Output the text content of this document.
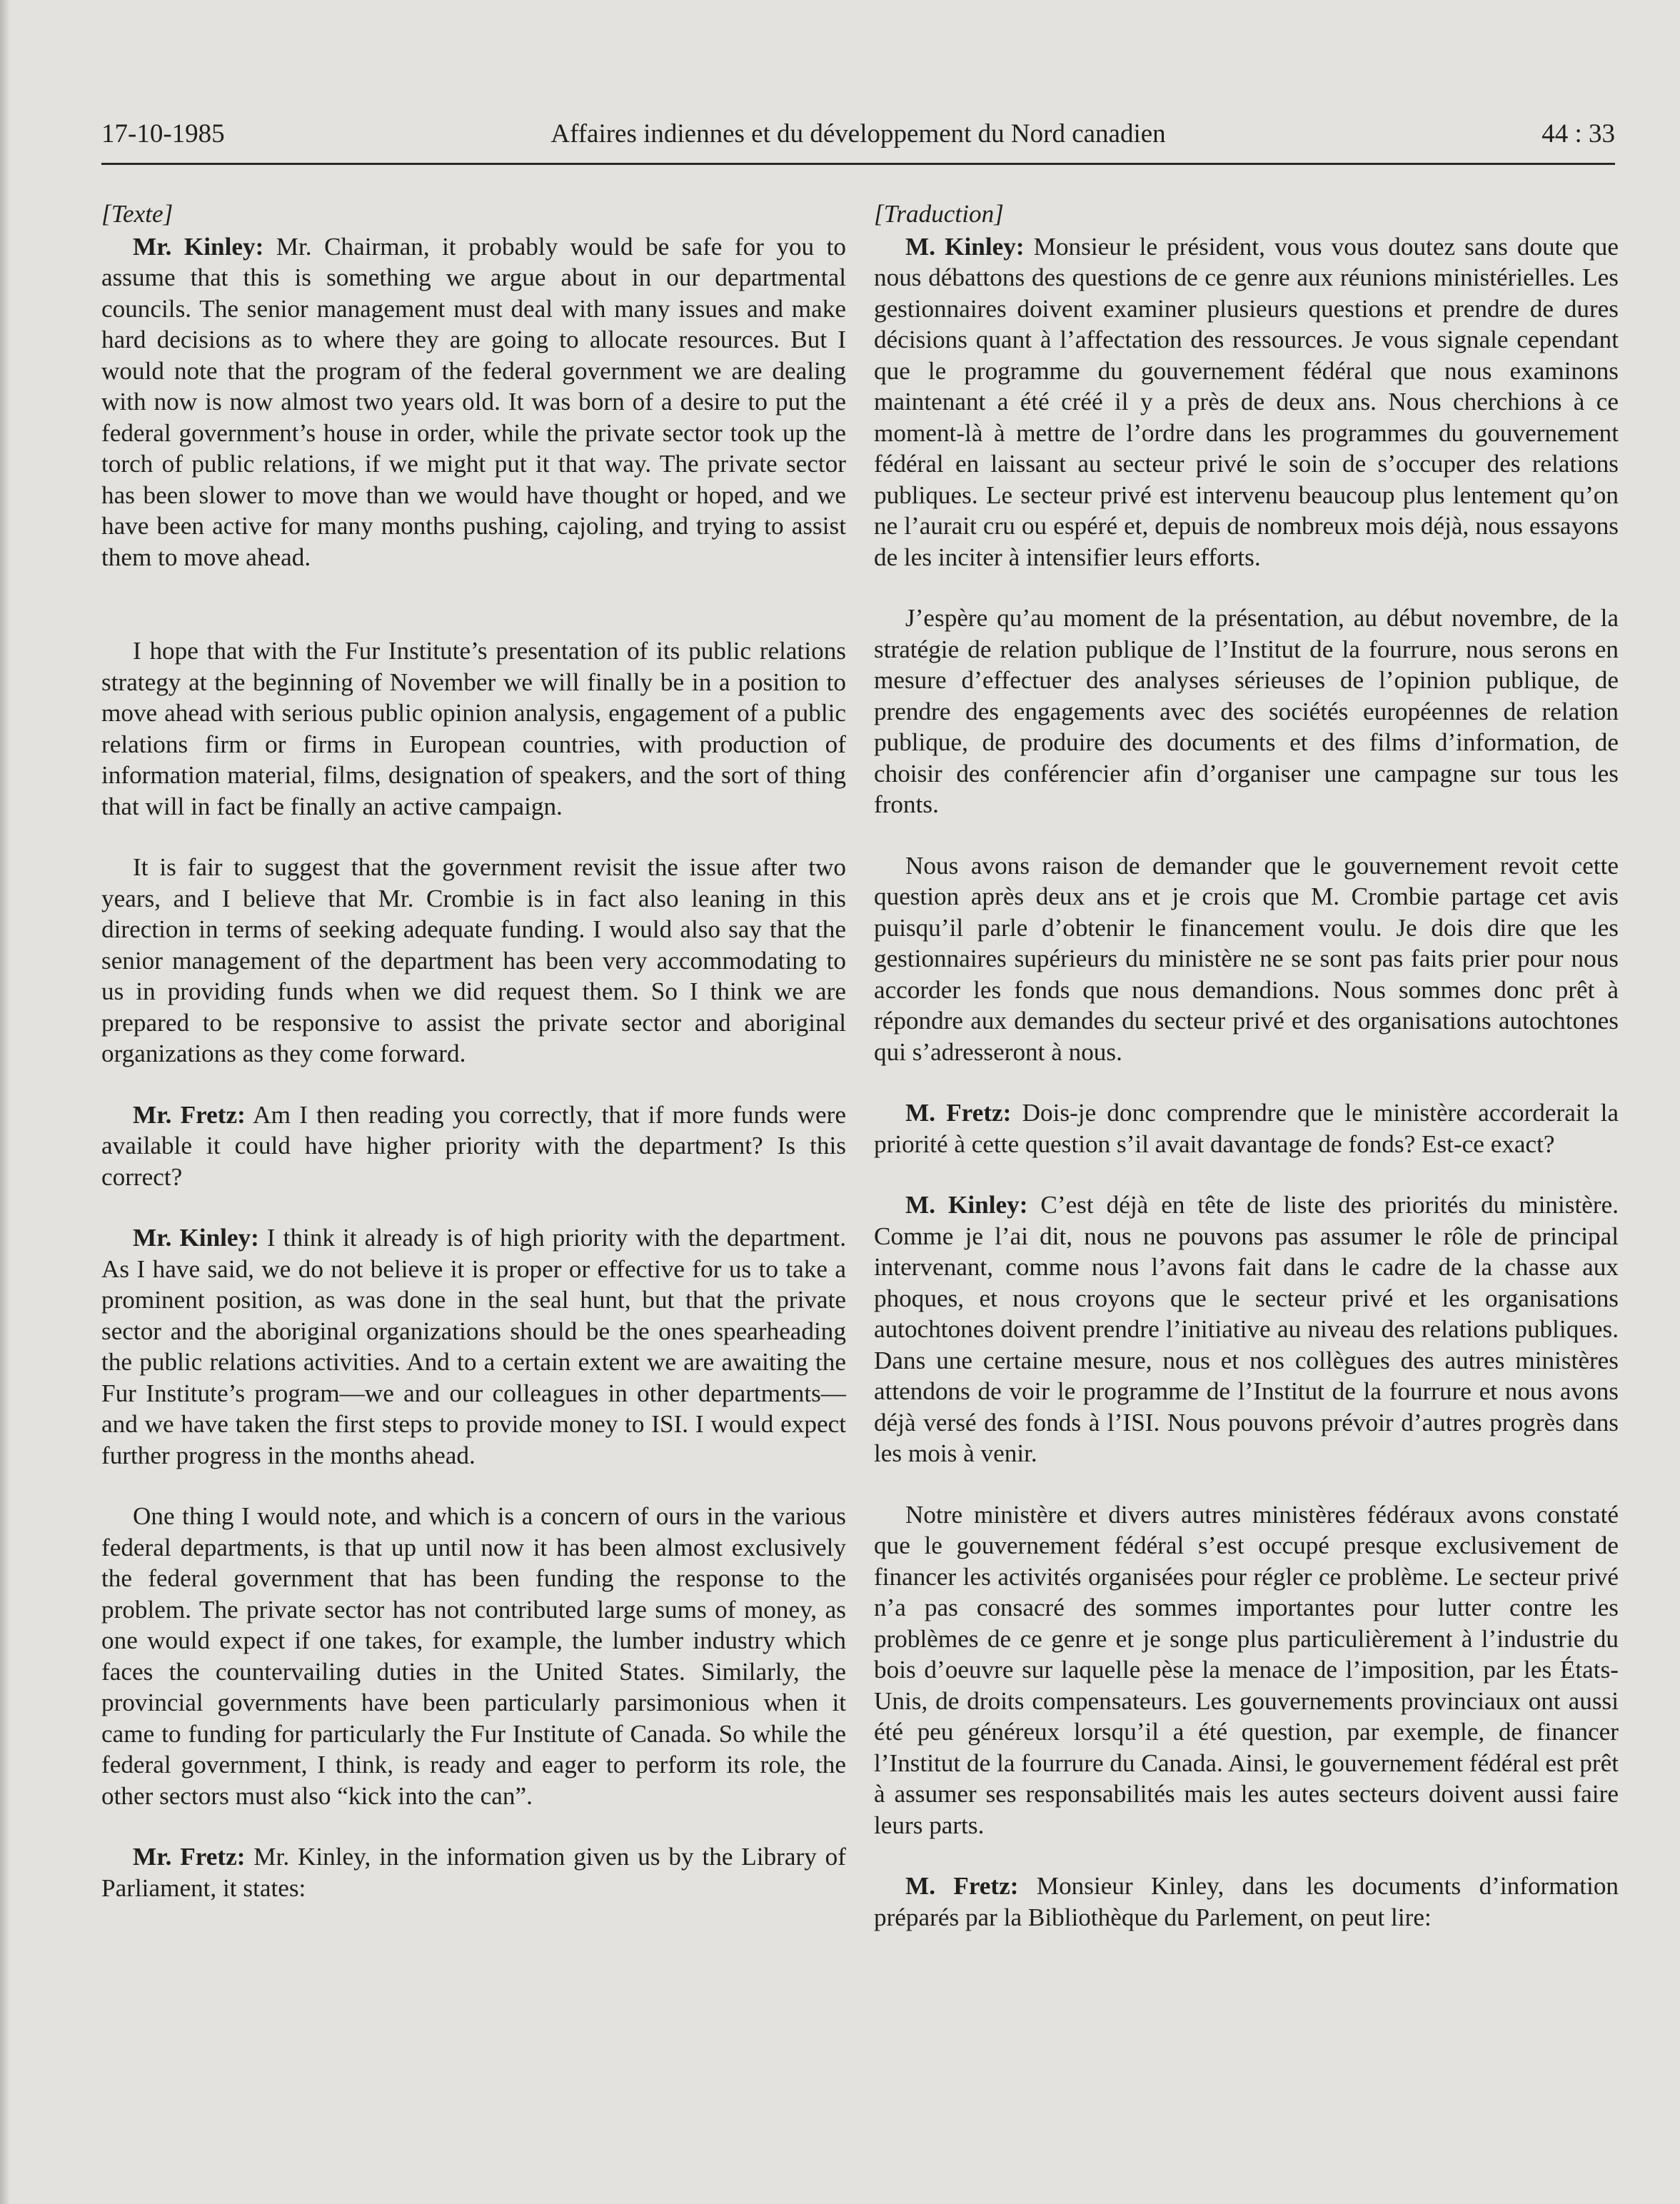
17-10-1985	Affaires indiennes et du développement du Nord canadien	44 : 33
[Texte]

Mr. Kinley: Mr. Chairman, it probably would be safe for you to assume that this is something we argue about in our departmental councils. The senior management must deal with many issues and make hard decisions as to where they are going to allocate resources. But I would note that the program of the federal government we are dealing with now is now almost two years old. It was born of a desire to put the federal government’s house in order, while the private sector took up the torch of public relations, if we might put it that way. The private sector has been slower to move than we would have thought or hoped, and we have been active for many months pushing, cajoling, and trying to assist them to move ahead.

I hope that with the Fur Institute’s presentation of its public relations strategy at the beginning of November we will finally be in a position to move ahead with serious public opinion analysis, engagement of a public relations firm or firms in European countries, with production of information material, films, designation of speakers, and the sort of thing that will in fact be finally an active campaign.

It is fair to suggest that the government revisit the issue after two years, and I believe that Mr. Crombie is in fact also leaning in this direction in terms of seeking adequate funding. I would also say that the senior management of the department has been very accommodating to us in providing funds when we did request them. So I think we are prepared to be responsive to assist the private sector and aboriginal organizations as they come forward.

Mr. Fretz: Am I then reading you correctly, that if more funds were available it could have higher priority with the department? Is this correct?

Mr. Kinley: I think it already is of high priority with the department. As I have said, we do not believe it is proper or effective for us to take a prominent position, as was done in the seal hunt, but that the private sector and the aboriginal organizations should be the ones spearheading the public relations activities. And to a certain extent we are awaiting the Fur Institute’s program—we and our colleagues in other departments—and we have taken the first steps to provide money to ISI. I would expect further progress in the months ahead.

One thing I would note, and which is a concern of ours in the various federal departments, is that up until now it has been almost exclusively the federal government that has been funding the response to the problem. The private sector has not contributed large sums of money, as one would expect if one takes, for example, the lumber industry which faces the countervailing duties in the United States. Similarly, the provincial governments have been particularly parsimonious when it came to funding for particularly the Fur Institute of Canada. So while the federal government, I think, is ready and eager to perform its role, the other sectors must also “kick into the can”.

Mr. Fretz: Mr. Kinley, in the information given us by the Library of Parliament, it states:

[Traduction]

M. Kinley: Monsieur le président, vous vous doutez sans doute que nous débattons des questions de ce genre aux réunions ministérielles. Les gestionnaires doivent examiner plusieurs questions et prendre de dures décisions quant à l’affectation des ressources. Je vous signale cependant que le programme du gouvernement fédéral que nous examinons maintenant a été créé il y a près de deux ans. Nous cherchions à ce moment-là à mettre de l’ordre dans les programmes du gouvernement fédéral en laissant au secteur privé le soin de s’occuper des relations publiques. Le secteur privé est intervenu beaucoup plus lentement qu’on ne l’aurait cru ou espéré et, depuis de nombreux mois déjà, nous essayons de les inciter à intensifier leurs efforts.

J’espère qu’au moment de la présentation, au début novembre, de la stratégie de relation publique de l’Institut de la fourrure, nous serons en mesure d’effectuer des analyses sérieuses de l’opinion publique, de prendre des engagements avec des sociétés européennes de relation publique, de produire des documents et des films d’information, de choisir des conférencier afin d’organiser une campagne sur tous les fronts.

Nous avons raison de demander que le gouvernement revoit cette question après deux ans et je crois que M. Crombie partage cet avis puisqu’il parle d’obtenir le financement voulu. Je dois dire que les gestionnaires supérieurs du ministère ne se sont pas faits prier pour nous accorder les fonds que nous demandions. Nous sommes donc prêt à répondre aux demandes du secteur privé et des organisations autochtones qui s’adresseront à nous.

M. Fretz: Dois-je donc comprendre que le ministère accorderait la priorité à cette question s’il avait davantage de fonds? Est-ce exact?

M. Kinley: C’est déjà en tête de liste des priorités du ministère. Comme je l’ai dit, nous ne pouvons pas assumer le rôle de principal intervenant, comme nous l’avons fait dans le cadre de la chasse aux phoques, et nous croyons que le secteur privé et les organisations autochtones doivent prendre l’initiative au niveau des relations publiques. Dans une certaine mesure, nous et nos collègues des autres ministères attendons de voir le programme de l’Institut de la fourrure et nous avons déjà versé des fonds à l’ISI. Nous pouvons prévoir d’autres progrès dans les mois à venir.

Notre ministère et divers autres ministères fédéraux avons constaté que le gouvernement fédéral s’est occupé presque exclusivement de financer les activités organisées pour régler ce problème. Le secteur privé n’a pas consacré des sommes importantes pour lutter contre les problèmes de ce genre et je songe plus particulièrement à l’industrie du bois d’oeuvre sur laquelle pèse la menace de l’imposition, par les États-Unis, de droits compensateurs. Les gouvernements provinciaux ont aussi été peu généreux lorsqu’il a été question, par exemple, de financer l’Institut de la fourrure du Canada. Ainsi, le gouvernement fédéral est prêt à assumer ses responsabilités mais les autes secteurs doivent aussi faire leurs parts.

M. Fretz: Monsieur Kinley, dans les documents d’information préparés par la Bibliothèque du Parlement, on peut lire:
